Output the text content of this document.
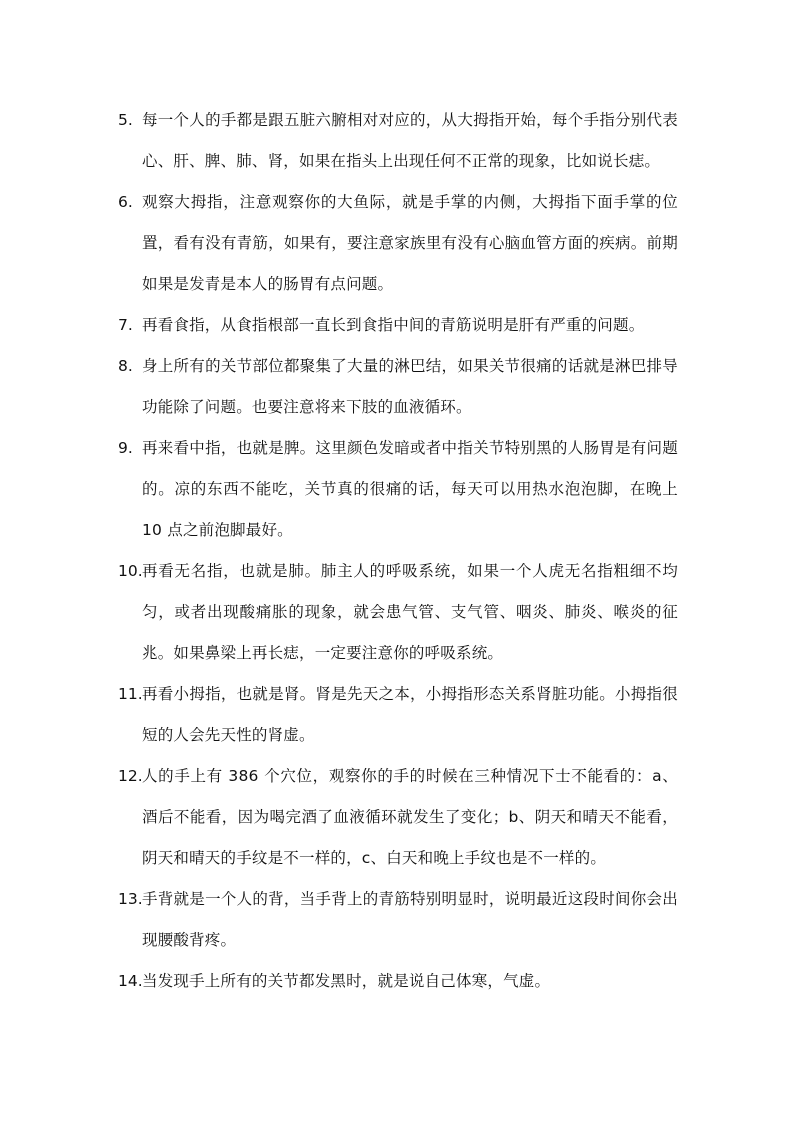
5. 每一个人的手都是跟五脏六腑相对对应的，从大拇指开始，每个手指分别代表心、肝、脾、肺、肾，如果在指头上出现任何不正常的现象，比如说长痣。
6. 观察大拇指，注意观察你的大鱼际，就是手掌的内侧，大拇指下面手掌的位置，看有没有青筋，如果有，要注意家族里有没有心脑血管方面的疾病。前期如果是发青是本人的肠胃有点问题。
7. 再看食指，从食指根部一直长到食指中间的青筋说明是肝有严重的问题。
8. 身上所有的关节部位都聚集了大量的淋巴结，如果关节很痛的话就是淋巴排导功能除了问题。也要注意将来下肢的血液循环。
9. 再来看中指，也就是脾。这里颜色发暗或者中指关节特别黑的人肠胃是有问题的。凉的东西不能吃，关节真的很痛的话，每天可以用热水泡泡脚，在晚上 10 点之前泡脚最好。
10. 再看无名指，也就是肺。肺主人的呼吸系统，如果一个人虎无名指粗细不均匀，或者出现酸痛胀的现象，就会患气管、支气管、咽炎、肺炎、喉炎的征兆。如果鼻梁上再长痣，一定要注意你的呼吸系统。
11. 再看小拇指，也就是肾。肾是先天之本，小拇指形态关系肾脏功能。小拇指很短的人会先天性的肾虚。
12. 人的手上有 386 个穴位，观察你的手的时候在三种情况下士不能看的：a、酒后不能看，因为喝完酒了血液循环就发生了变化；b、阴天和晴天不能看，阴天和晴天的手纹是不一样的，c、白天和晚上手纹也是不一样的。
13. 手背就是一个人的背，当手背上的青筋特别明显时，说明最近这段时间你会出现腰酸背疼。
14. 当发现手上所有的关节都发黑时，就是说自己体寒，气虚。
